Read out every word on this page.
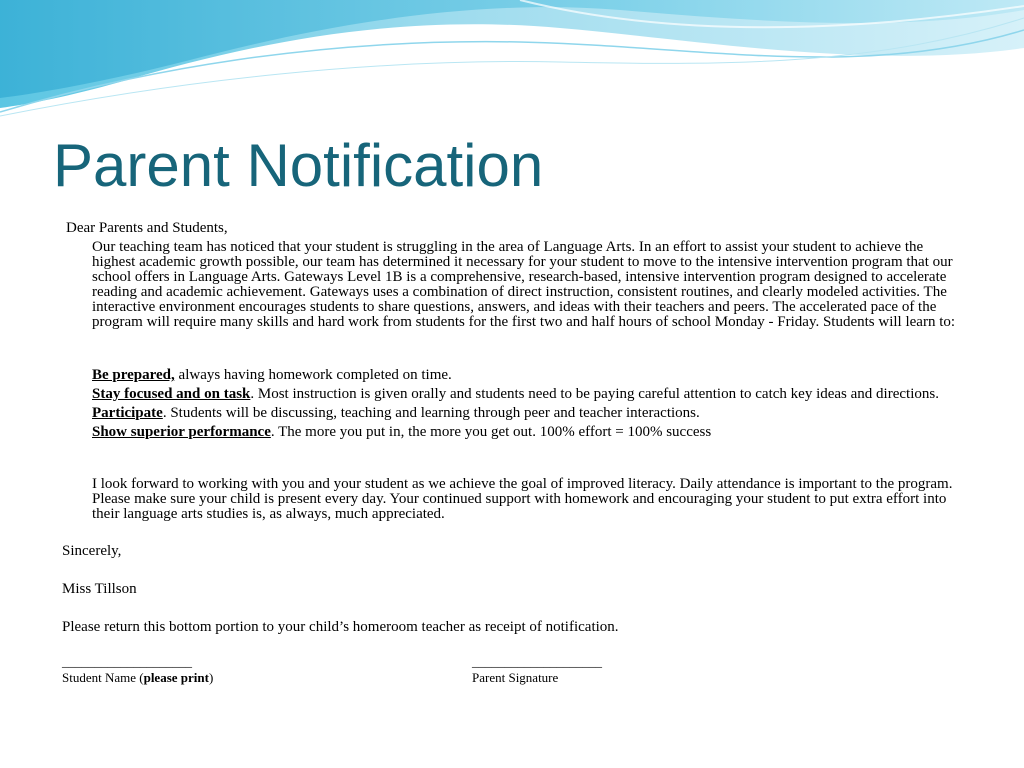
Parent Notification
Dear Parents and Students,
Our teaching team has noticed that your student is struggling in the area of Language Arts. In an effort to assist your student to achieve the highest academic growth possible, our team has determined it necessary for your student to move to the intensive intervention program that our school offers in Language Arts. Gateways Level 1B is a comprehensive, research-based, intensive intervention program designed to accelerate reading and academic achievement. Gateways uses a combination of direct instruction, consistent routines, and clearly modeled activities. The interactive environment encourages students to share questions, answers, and ideas with their teachers and peers. The accelerated pace of the program will require many skills and hard work from students for the first two and half hours of school Monday - Friday. Students will learn to:
Be prepared, always having homework completed on time.
Stay focused and on task. Most instruction is given orally and students need to be paying careful attention to catch key ideas and directions.
Participate. Students will be discussing, teaching and learning through peer and teacher interactions.
Show superior performance. The more you put in, the more you get out. 100% effort = 100% success
I look forward to working with you and your student as we achieve the goal of improved literacy. Daily attendance is important to the program. Please make sure your child is present every day. Your continued support with homework and encouraging your student to put extra effort into their language arts studies is, as always, much appreciated.
Sincerely,
Miss Tillson
Please return this bottom portion to your child’s homeroom teacher as receipt of notification.
____________________
Student Name (please print)
____________________
Parent Signature
